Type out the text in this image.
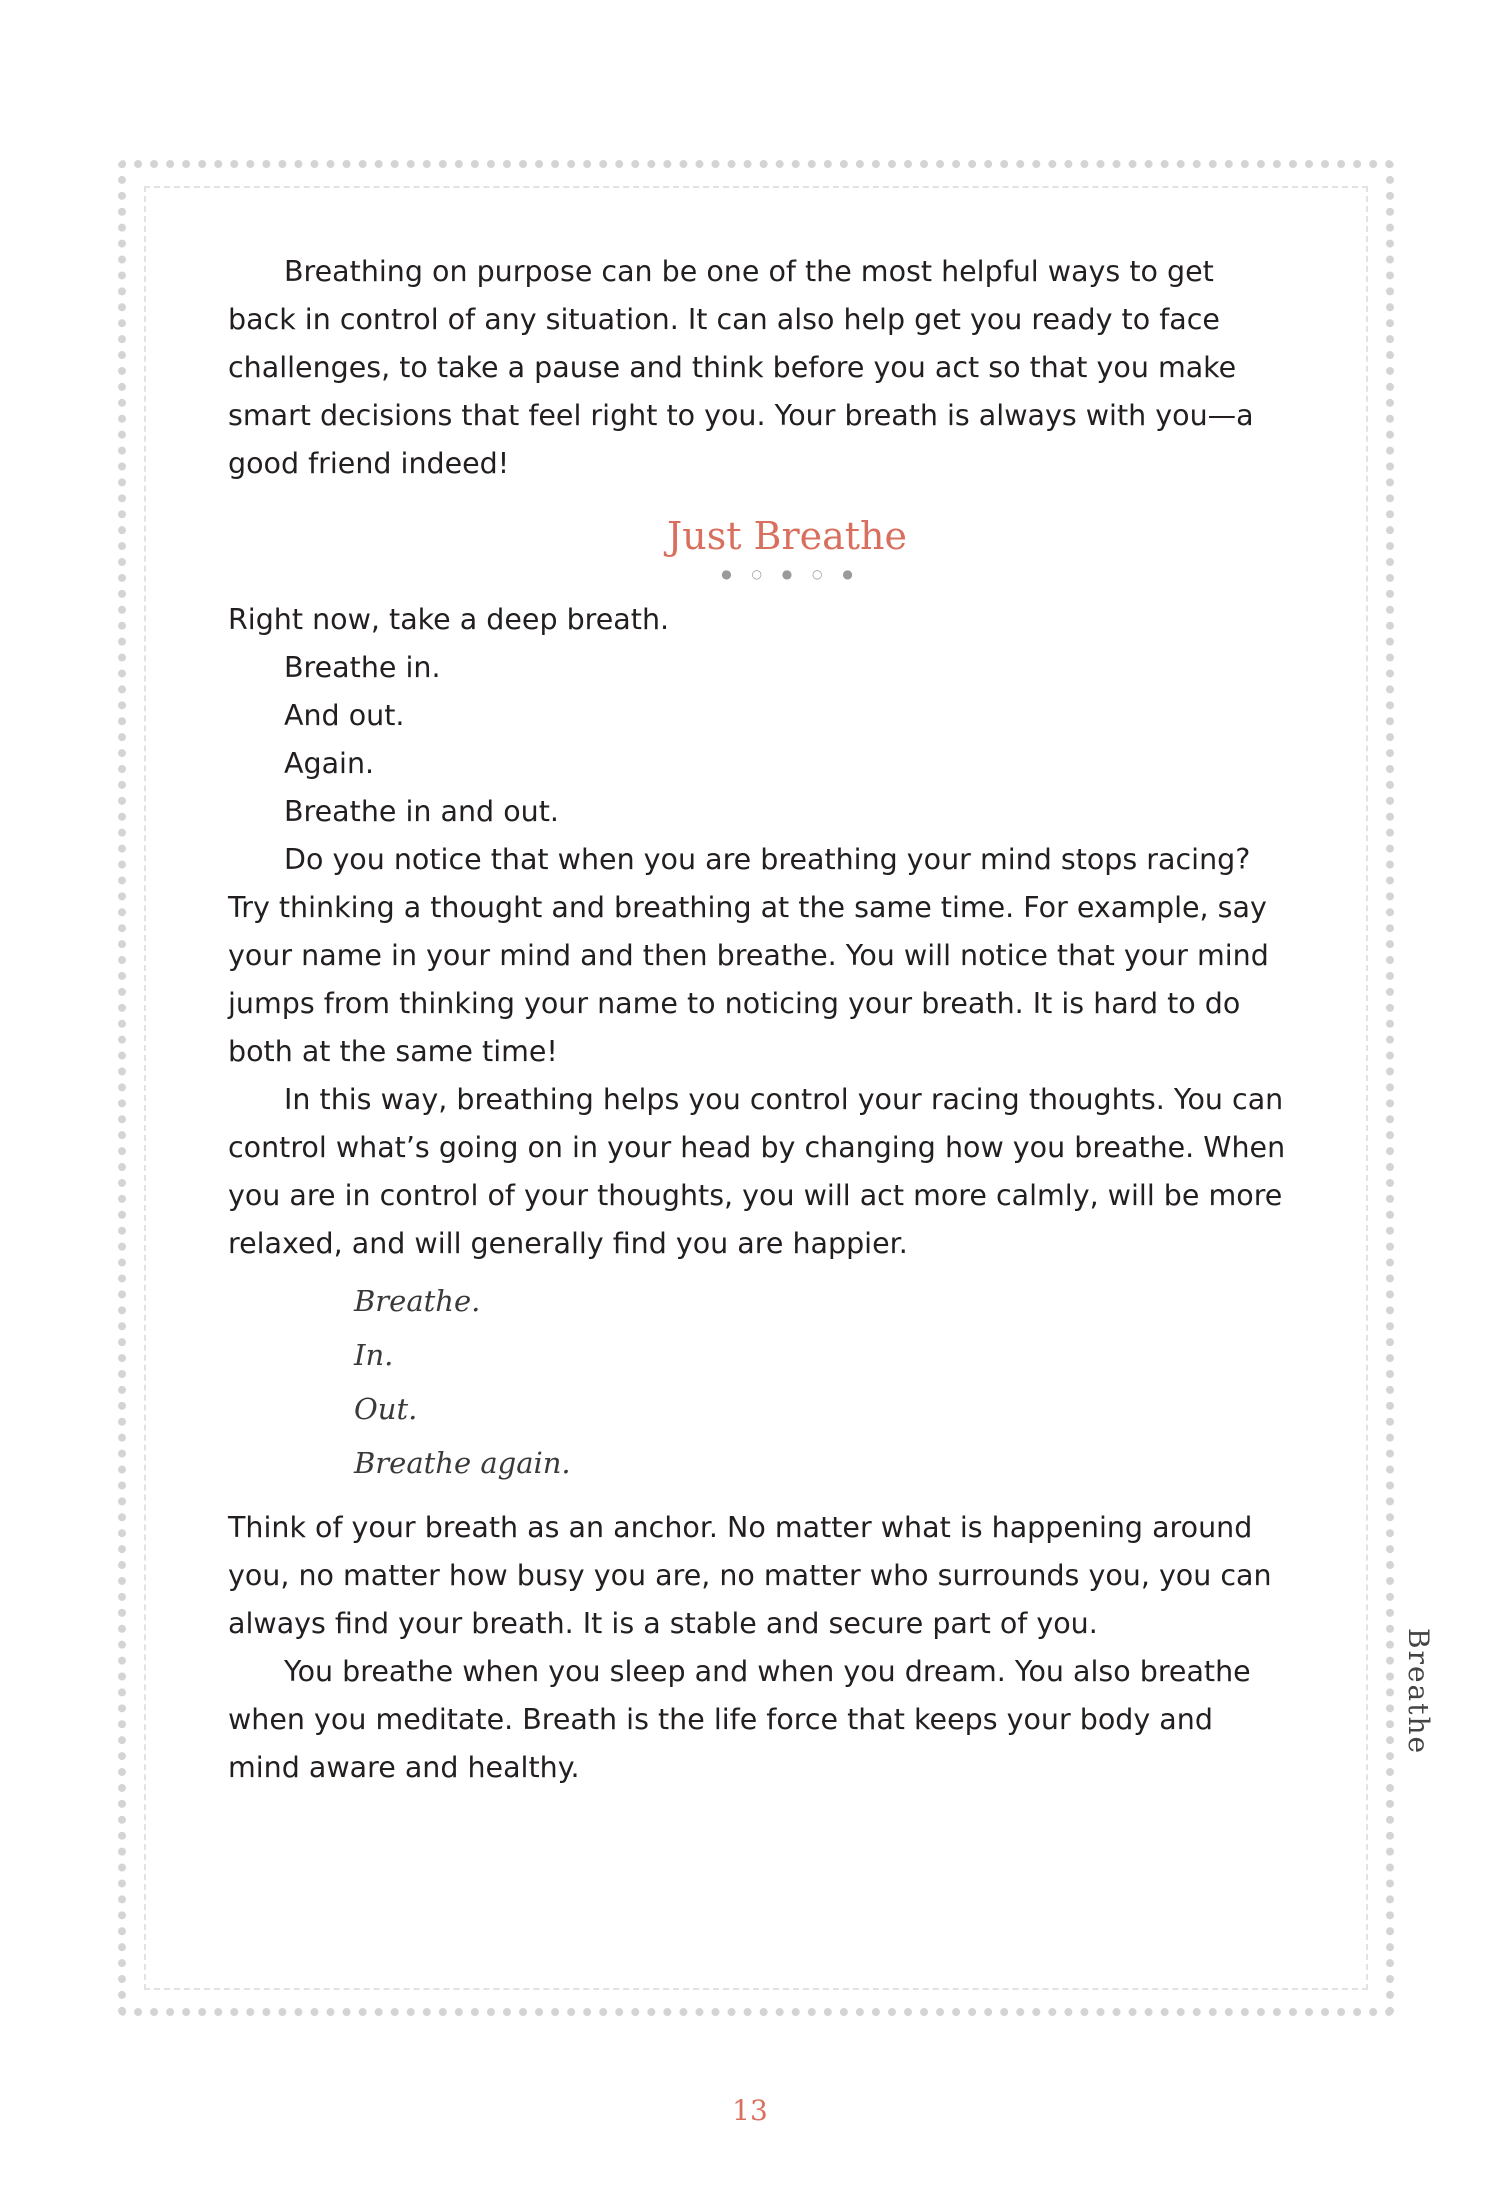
Breathing on purpose can be one of the most helpful ways to get back in control of any situation. It can also help get you ready to face challenges, to take a pause and think before you act so that you make smart decisions that feel right to you. Your breath is always with you—a good friend indeed!

Just Breathe
● ○ ● ○ ●

Right now, take a deep breath.

Breathe in.

And out.

Again.

Breathe in and out.

Do you notice that when you are breathing your mind stops racing? Try thinking a thought and breathing at the same time. For example, say your name in your mind and then breathe. You will notice that your mind jumps from thinking your name to noticing your breath. It is hard to do both at the same time!

In this way, breathing helps you control your racing thoughts. You can control what’s going on in your head by changing how you breathe. When you are in control of your thoughts, you will act more calmly, will be more relaxed, and will generally find you are happier.

Breathe.
In.
Out.
Breathe again.

Think of your breath as an anchor. No matter what is happening around you, no matter how busy you are, no matter who surrounds you, you can always find your breath. It is a stable and secure part of you.

You breathe when you sleep and when you dream. You also breathe when you meditate. Breath is the life force that keeps your body and mind aware and healthy.

Breathe
13
